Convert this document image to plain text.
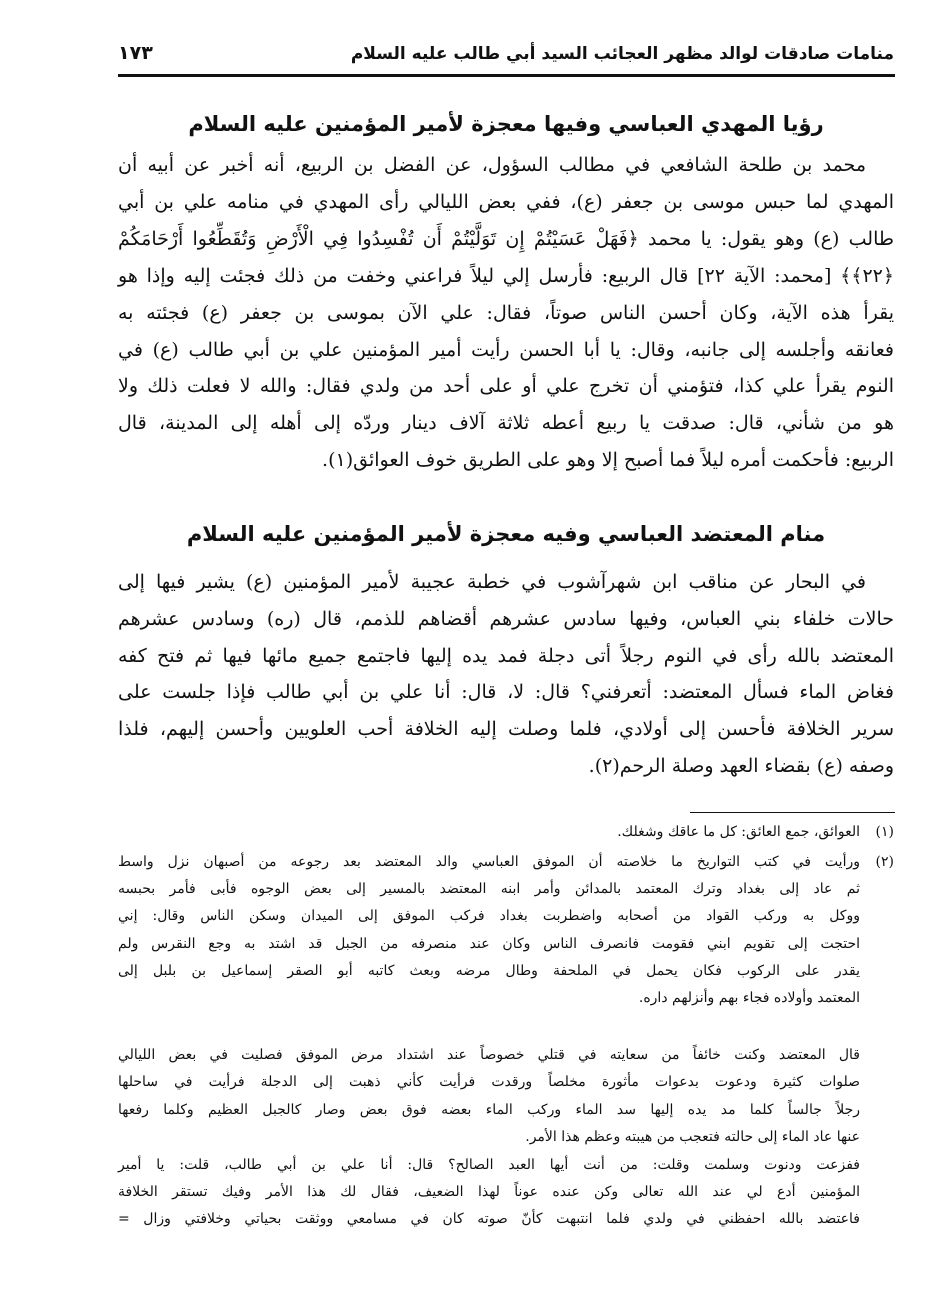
منامات صادقات لوالد مظهر العجائب السيد أبي طالب عليه السلام
١٧٣
رؤيا المهدي العباسي وفيها معجزة لأمير المؤمنين عليه السلام
محمد بن طلحة الشافعي في مطالب السؤول، عن الفضل بن الربيع، أنه أخبر عن أبيه أن
المهدي لما حبس موسى بن جعفر (ع)، ففي بعض الليالي رأى المهدي في منامه علي بن أبي
طالب (ع) وهو يقول: يا محمد ﴿فَهَلْ عَسَيْتُمْ إِن تَوَلَّيْتُمْ أَن تُفْسِدُوا فِي الْأَرْضِ وَتُقَطِّعُوا أَرْحَامَكُمْ
﴿٢٢﴾﴾ [محمد: الآية ٢٢] قال الربيع: فأرسل إلي ليلاً فراعني وخفت من ذلك فجئت إليه وإذا هو
يقرأ هذه الآية، وكان أحسن الناس صوتاً، فقال: علي الآن بموسى بن جعفر (ع) فجئته به
فعانقه وأجلسه إلى جانبه، وقال: يا أبا الحسن رأيت أمير المؤمنين علي بن أبي طالب (ع) في
النوم يقرأ علي كذا، فتؤمني أن تخرج علي أو على أحد من ولدي فقال: والله لا فعلت ذلك ولا
هو من شأني، قال: صدقت يا ربيع أعطه ثلاثة آلاف دينار وردّه إلى أهله إلى المدينة، قال
الربيع: فأحكمت أمره ليلاً فما أصبح إلا وهو على الطريق خوف العوائق(١).
منام المعتضد العباسي وفيه معجزة لأمير المؤمنين عليه السلام
في البحار عن مناقب ابن شهرآشوب في خطبة عجيبة لأمير المؤمنين (ع) يشير فيها إلى
حالات خلفاء بني العباس، وفيها سادس عشرهم أقضاهم للذمم، قال (ره) وسادس عشرهم
المعتضد بالله رأى في النوم رجلاً أتى دجلة فمد يده إليها فاجتمع جميع مائها فيها ثم فتح كفه
فغاض الماء فسأل المعتضد: أتعرفني؟ قال: لا، قال: أنا علي بن أبي طالب فإذا جلست على
سرير الخلافة فأحسن إلى أولادي، فلما وصلت إليه الخلافة أحب العلويين وأحسن إليهم، فلذا
وصفه (ع) بقضاء العهد وصلة الرحم(٢).
(١)
العوائق، جمع العائق: كل ما عاقك وشغلك.
(٢)
ورأيت في كتب التواريخ ما خلاصته أن الموفق العباسي والد المعتضد بعد رجوعه من أصبهان نزل واسط
ثم عاد إلى بغداد وترك المعتمد بالمدائن وأمر ابنه المعتضد بالمسير إلى بعض الوجوه فأبى فأمر بحبسه
ووكل به وركب القواد من أصحابه واضطربت بغداد فركب الموفق إلى الميدان وسكن الناس وقال: إني
احتجت إلى تقويم ابني فقومت فانصرف الناس وكان عند منصرفه من الجبل قد اشتد به وجع النقرس ولم
يقدر على الركوب فكان يحمل في الملحفة وطال مرضه وبعث كاتبه أبو الصقر إسماعيل بن بلبل إلى
المعتمد وأولاده فجاء بهم وأنزلهم داره.
قال المعتضد وكنت خائفاً من سعايته في قتلي خصوصاً عند اشتداد مرض الموفق فصليت في بعض الليالي
صلوات كثيرة ودعوت بدعوات مأثورة مخلصاً ورقدت فرأيت كأني ذهبت إلى الدجلة فرأيت في ساحلها
رجلاً جالساً كلما مد يده إليها سد الماء وركب الماء بعضه فوق بعض وصار كالجبل العظيم وكلما رفعها
عنها عاد الماء إلى حالته فتعجب من هيبته وعظم هذا الأمر.
ففزعت ودنوت وسلمت وقلت: من أنت أيها العبد الصالح؟ قال: أنا علي بن أبي طالب، قلت: يا أمير
المؤمنين أدع لي عند الله تعالى وكن عنده عوناً لهذا الضعيف، فقال لك هذا الأمر وفيك تستقر الخلافة
فاعتضد بالله احفظني في ولدي فلما انتبهت كأنّ صوته كان في مسامعي ووثقت بحياتي وخلافتي وزال =
